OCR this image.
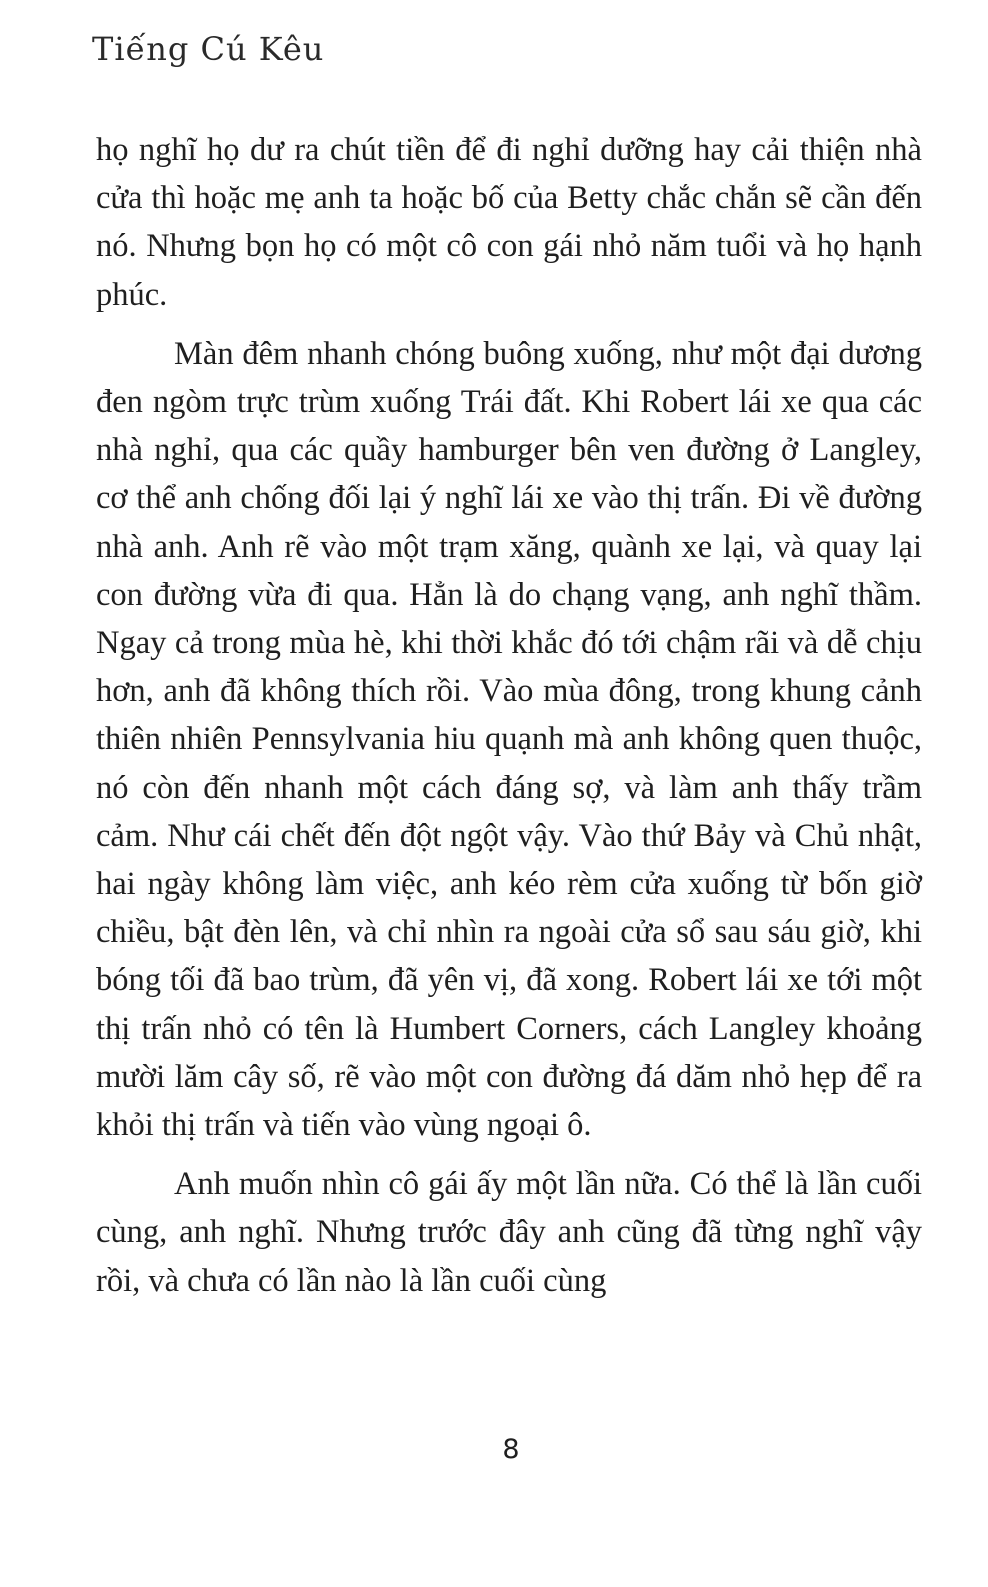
Tiếng Cú Kêu

họ nghĩ họ dư ra chút tiền để đi nghỉ dưỡng hay cải thiện nhà cửa thì hoặc mẹ anh ta hoặc bố của Betty chắc chắn sẽ cần đến nó. Nhưng bọn họ có một cô con gái nhỏ năm tuổi và họ hạnh phúc.

Màn đêm nhanh chóng buông xuống, như một đại dương đen ngòm trực trùm xuống Trái đất. Khi Robert lái xe qua các nhà nghỉ, qua các quầy hamburger bên ven đường ở Langley, cơ thể anh chống đối lại ý nghĩ lái xe vào thị trấn. Đi về đường nhà anh. Anh rẽ vào một trạm xăng, quành xe lại, và quay lại con đường vừa đi qua. Hẳn là do chạng vạng, anh nghĩ thầm. Ngay cả trong mùa hè, khi thời khắc đó tới chậm rãi và dễ chịu hơn, anh đã không thích rồi. Vào mùa đông, trong khung cảnh thiên nhiên Pennsylvania hiu quạnh mà anh không quen thuộc, nó còn đến nhanh một cách đáng sợ, và làm anh thấy trầm cảm. Như cái chết đến đột ngột vậy. Vào thứ Bảy và Chủ nhật, hai ngày không làm việc, anh kéo rèm cửa xuống từ bốn giờ chiều, bật đèn lên, và chỉ nhìn ra ngoài cửa sổ sau sáu giờ, khi bóng tối đã bao trùm, đã yên vị, đã xong. Robert lái xe tới một thị trấn nhỏ có tên là Humbert Corners, cách Langley khoảng mười lăm cây số, rẽ vào một con đường đá dăm nhỏ hẹp để ra khỏi thị trấn và tiến vào vùng ngoại ô.

Anh muốn nhìn cô gái ấy một lần nữa. Có thể là lần cuối cùng, anh nghĩ. Nhưng trước đây anh cũng đã từng nghĩ vậy rồi, và chưa có lần nào là lần cuối cùng

8
